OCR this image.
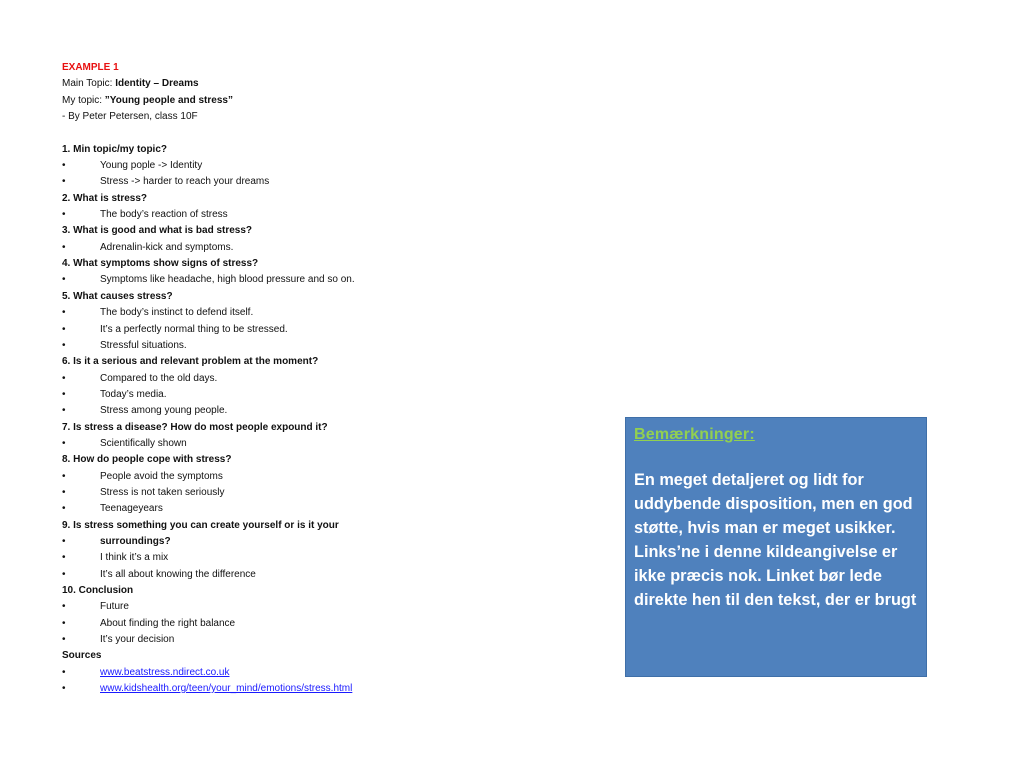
EXAMPLE 1
Main Topic: Identity – Dreams
My topic: ”Young people and stress”
- By Peter Petersen, class 10F
1. Min topic/my topic?
•	Young pople -> Identity
•	Stress -> harder to reach your dreams
2. What is stress?
•	The body’s reaction of stress
3. What is good and what is bad stress?
•	Adrenalin-kick and symptoms.
4. What symptoms show signs of stress?
•	Symptoms like headache, high blood pressure and so on.
5. What causes stress?
•	The body’s instinct to defend itself.
•	It’s a perfectly normal thing to be stressed.
•	Stressful situations.
6. Is it a serious and relevant problem at the moment?
•	Compared to the old days.
•	Today’s media.
•	Stress among young people.
7. Is stress a disease? How do most people expound it?
•	Scientifically shown
8. How do people cope with stress?
•	People avoid the symptoms
•	Stress is not taken seriously
•	Teenageyears
9. Is stress something you can create yourself or is it your
•	surroundings?
•	I think it’s a mix
•	It’s all about knowing the difference
10. Conclusion
•	Future
•	About finding the right balance
•	It’s your decision
Sources
•	www.beatstress.ndirect.co.uk
•	www.kidshealth.org/teen/your_mind/emotions/stress.html
Bemærkninger:
En meget detaljeret og lidt for uddybende disposition, men en god støtte, hvis man er meget usikker. Links’ne i denne kildeangivelse er ikke præcis nok. Linket bør lede direkte hen til den tekst, der er brugt
